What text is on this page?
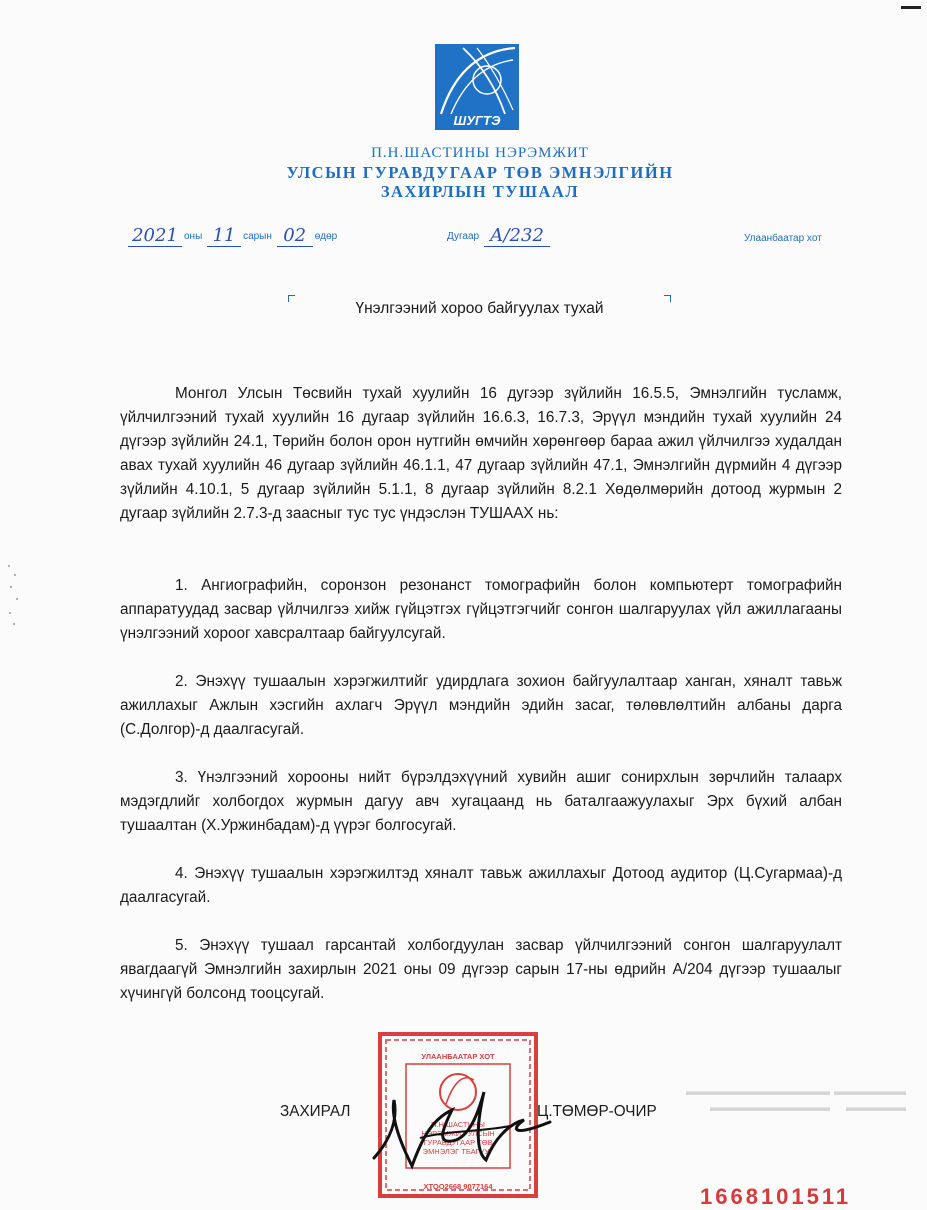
ШУГТЭ
П.Н.ШАСТИНЫ НЭРЭМЖИТ
УЛСЫН ГУРАВДУГААР ТӨВ ЭМНЭЛГИЙН
ЗАХИРЛЫН ТУШААЛ
2021 оны 11 сарын 02 өдөр	Дугаар А/232	Улаанбаатар хот
Үнэлгээний хороо байгуулах тухай

Монгол Улсын Төсвийн тухай хуулийн 16 дугээр зүйлийн 16.5.5, Эмнэлгийн тусламж, үйлчилгээний тухай хуулийн 16 дугаар зүйлийн 16.6.3, 16.7.3, Эрүүл мэндийн тухай хуулийн 24 дүгээр зүйлийн 24.1, Төрийн болон орон нутгийн өмчийн хөрөнгөөр бараа ажил үйлчилгээ худалдан авах тухай хуулийн 46 дугаар зүйлийн 46.1.1, 47 дугаар зүйлийн 47.1, Эмнэлгийн дүрмийн 4 дүгээр зүйлийн 4.10.1, 5 дугаар зүйлийн 5.1.1, 8 дугаар зүйлийн 8.2.1 Хөдөлмөрийн дотоод журмын 2 дугаар зүйлийн 2.7.3-д заасныг тус тус үндэслэн ТУШААХ нь:

1. Ангиографийн, соронзон резонанст томографийн болон компьютерт томографийн аппаратуудад засвар үйлчилгээ хийж гүйцэтгэх гүйцэтгэгчийг сонгон шалгаруулах үйл ажиллагааны үнэлгээний хороог хавсралтаар байгуулсугай.

2. Энэхүү тушаалын хэрэгжилтийг удирдлага зохион байгуулалтаар ханган, хяналт тавьж ажиллахыг Ажлын хэсгийн ахлагч Эрүүл мэндийн эдийн засаг, төлөвлөлтийн албаны дарга (С.Долгор)-д даалгасугай.

3. Үнэлгээний хорооны нийт бүрэлдэхүүний хувийн ашиг сонирхлын зөрчлийн талаарх мэдэгдлийг холбогдох журмын дагуу авч хугацаанд нь баталгаажуулахыг Эрх бүхий албан тушаалтан (Х.Уржинбадам)-д үүрэг болгосугай.

4. Энэхүү тушаалын хэрэгжилтэд хяналт тавьж ажиллахыг Дотоод аудитор (Ц.Сугармаа)-д даалгасугай.

5. Энэхүү тушаал гарсантай холбогдуулан засвар үйлчилгээний сонгон шалгаруулалт явагдаагүй Эмнэлгийн захирлын 2021 оны 09 дүгээр сарын 17-ны өдрийн А/204 дүгээр тушаалыг хүчингүй болсонд тооцсугай.

▬▬▬▬▬▬
▬▬▬▬▬
▬▬▬▬▬▬▬▬▬▬▬▬
▬▬▬▬▬▬▬▬▬▬
УЛААНБААТАР ХОТ
П.Н ШАСТИНЫ НЭРЭМЖИТ УЛСЫН ГУРАВДУГААР ТӨВ ЭМНЭЛЭГ ТБАГУУГ
ХТОО2668 9077164
ЗАХИРАЛ	Ц.ТӨМӨР-ОЧИР
1668101511
